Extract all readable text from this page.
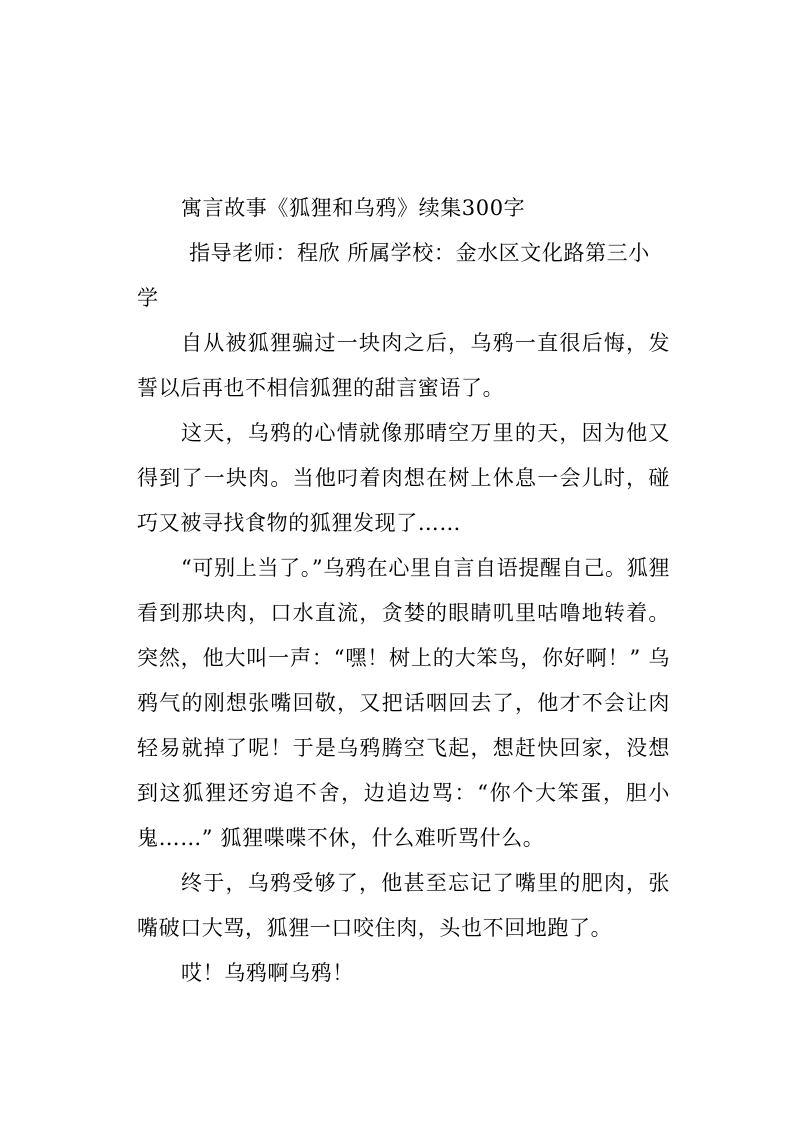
寓言故事《狐狸和乌鸦》续集300字

指导老师：程欣 所属学校：金水区文化路第三小学

自从被狐狸骗过一块肉之后，乌鸦一直很后悔，发誓以后再也不相信狐狸的甜言蜜语了。

这天，乌鸦的心情就像那晴空万里的天，因为他又得到了一块肉。当他叼着肉想在树上休息一会儿时，碰巧又被寻找食物的狐狸发现了……

“可别上当了。”乌鸦在心里自言自语提醒自己。狐狸看到那块肉，口水直流，贪婪的眼睛叽里咕噜地转着。突然，他大叫一声：“嘿！树上的大笨鸟，你好啊！” 乌鸦气的刚想张嘴回敬，又把话咽回去了，他才不会让肉轻易就掉了呢！于是乌鸦腾空飞起，想赶快回家，没想到这狐狸还穷追不舍，边追边骂：“你个大笨蛋，胆小鬼……” 狐狸喋喋不休，什么难听骂什么。

终于，乌鸦受够了，他甚至忘记了嘴里的肥肉，张嘴破口大骂，狐狸一口咬住肉，头也不回地跑了。

哎！乌鸦啊乌鸦！
